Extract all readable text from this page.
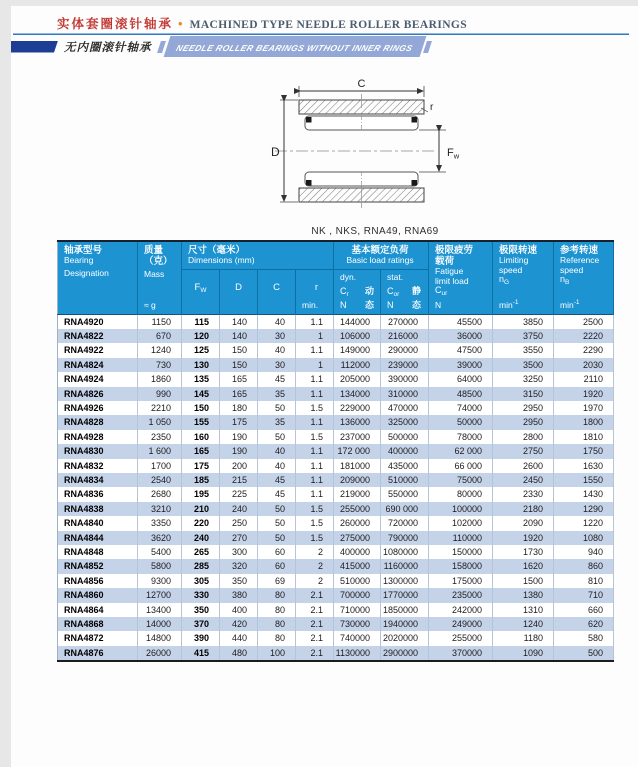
实体套圈滚针轴承 • MACHINED TYPE NEEDLE ROLLER BEARINGS
无内圈滚针轴承	NEEDLE ROLLER BEARINGS WITHOUT INNER RINGS
C
r
D	$F_w$
NK , NKS, RNA49, RNA69
轴承型号
Bearing
Designation

质量
（克）
Mass
≈ g

尺寸（毫米）
Dimensions (mm)

基本额定负荷
Basic load ratings

极限疲劳
载荷
Fatigue
limit load
$C_{ur}$
N

极限转速
Limiting
speed
$n_G$
$\min^{-1}$

参考转速
Reference
speed
$n_B$
$\min^{-1}$

$F_W$	D	C	r
min.

dyn.
$C_r$ 动
N 态

stat.
$C_{or}$ 静
N 态

RNA4920	1150	115	140	40	1.1	144000	270000	45500	3850	2500
RNA4822	670	120	140	30	1	106000	216000	36000	3750	2220
RNA4922	1240	125	150	40	1.1	149000	290000	47500	3550	2290
RNA4824	730	130	150	30	1	112000	239000	39000	3500	2030
RNA4924	1860	135	165	45	1.1	205000	390000	64000	3250	2110
RNA4826	990	145	165	35	1.1	134000	310000	48500	3150	1920
RNA4926	2210	150	180	50	1.5	229000	470000	74000	2950	1970
RNA4828	1 050	155	175	35	1.1	136000	325000	50000	2950	1800
RNA4928	2350	160	190	50	1.5	237000	500000	78000	2800	1810
RNA4830	1 600	165	190	40	1.1	172 000	400000	62 000	2750	1750
RNA4832	1700	175	200	40	1.1	181000	435000	66 000	2600	1630
RNA4834	2540	185	215	45	1.1	209000	510000	75000	2450	1550
RNA4836	2680	195	225	45	1.1	219000	550000	80000	2330	1430
RNA4838	3210	210	240	50	1.5	255000	690 000	100000	2180	1290
RNA4840	3350	220	250	50	1.5	260000	720000	102000	2090	1220
RNA4844	3620	240	270	50	1.5	275000	790000	110000	1920	1080
RNA4848	5400	265	300	60	2	400000	1080000	150000	1730	940
RNA4852	5800	285	320	60	2	415000	1160000	158000	1620	860
RNA4856	9300	305	350	69	2	510000	1300000	175000	1500	810
RNA4860	12700	330	380	80	2.1	700000	1770000	235000	1380	710
RNA4864	13400	350	400	80	2.1	710000	1850000	242000	1310	660
RNA4868	14000	370	420	80	2.1	730000	1940000	249000	1240	620
RNA4872	14800	390	440	80	2.1	740000	2020000	255000	1180	580
RNA4876	26000	415	480	100	2.1	1130000	2900000	370000	1090	500
